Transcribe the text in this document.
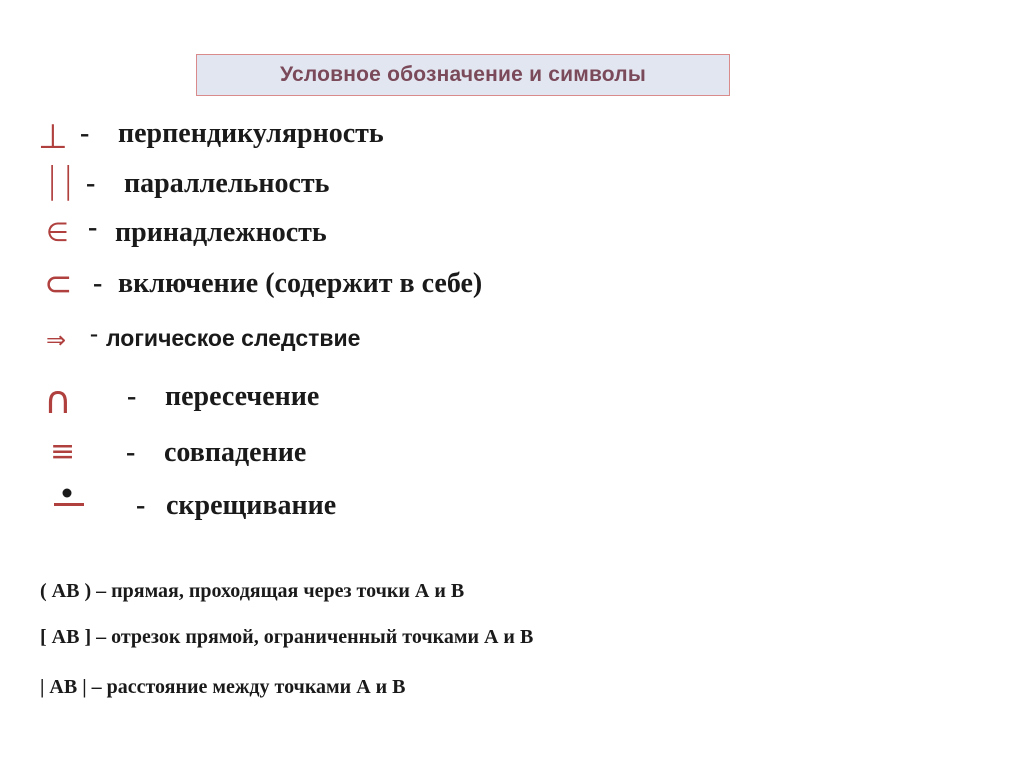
Условное обозначение и символы
⊥ - перпендикулярность
|| - параллельность
∈ - принадлежность
⊂ - включение (содержит в себе)
⇒ - логическое следствие
∩ - пересечение
≡ - совпадение
- скрещивание
( АВ ) – прямая, проходящая через точки А и В
[ АВ ] – отрезок прямой, ограниченный точками А и В
| АВ | – расстояние между точками А и В
